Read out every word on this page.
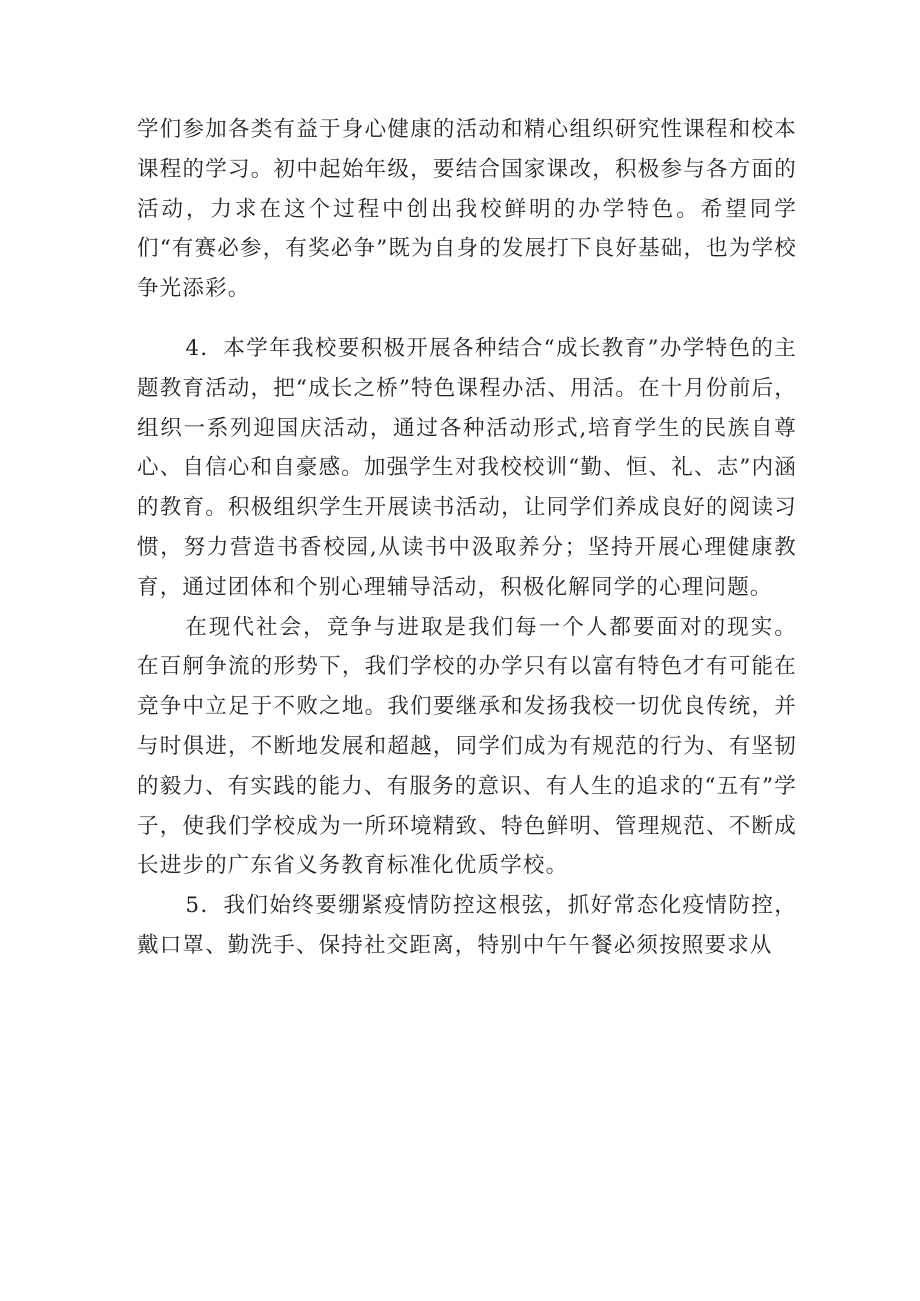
学们参加各类有益于身心健康的活动和精心组织研究性课程和校本课程的学习。初中起始年级，要结合国家课改，积极参与各方面的活动，力求在这个过程中创出我校鲜明的办学特色。希望同学们“有赛必参，有奖必争”既为自身的发展打下良好基础，也为学校争光添彩。

4．本学年我校要积极开展各种结合“成长教育”办学特色的主题教育活动，把“成长之桥”特色课程办活、用活。在十月份前后，组织一系列迎国庆活动，通过各种活动形式,培育学生的民族自尊心、自信心和自豪感。加强学生对我校校训“勤、恒、礼、志”内涵的教育。积极组织学生开展读书活动，让同学们养成良好的阅读习惯，努力营造书香校园,从读书中汲取养分；坚持开展心理健康教育，通过团体和个别心理辅导活动，积极化解同学的心理问题。

在现代社会，竞争与进取是我们每一个人都要面对的现实。在百舸争流的形势下，我们学校的办学只有以富有特色才有可能在竞争中立足于不败之地。我们要继承和发扬我校一切优良传统，并与时俱进，不断地发展和超越，同学们成为有规范的行为、有坚韧的毅力、有实践的能力、有服务的意识、有人生的追求的“五有”学子，使我们学校成为一所环境精致、特色鲜明、管理规范、不断成长进步的广东省义务教育标准化优质学校。

5．我们始终要绷紧疫情防控这根弦，抓好常态化疫情防控，戴口罩、勤洗手、保持社交距离，特别中午午餐必须按照要求从
